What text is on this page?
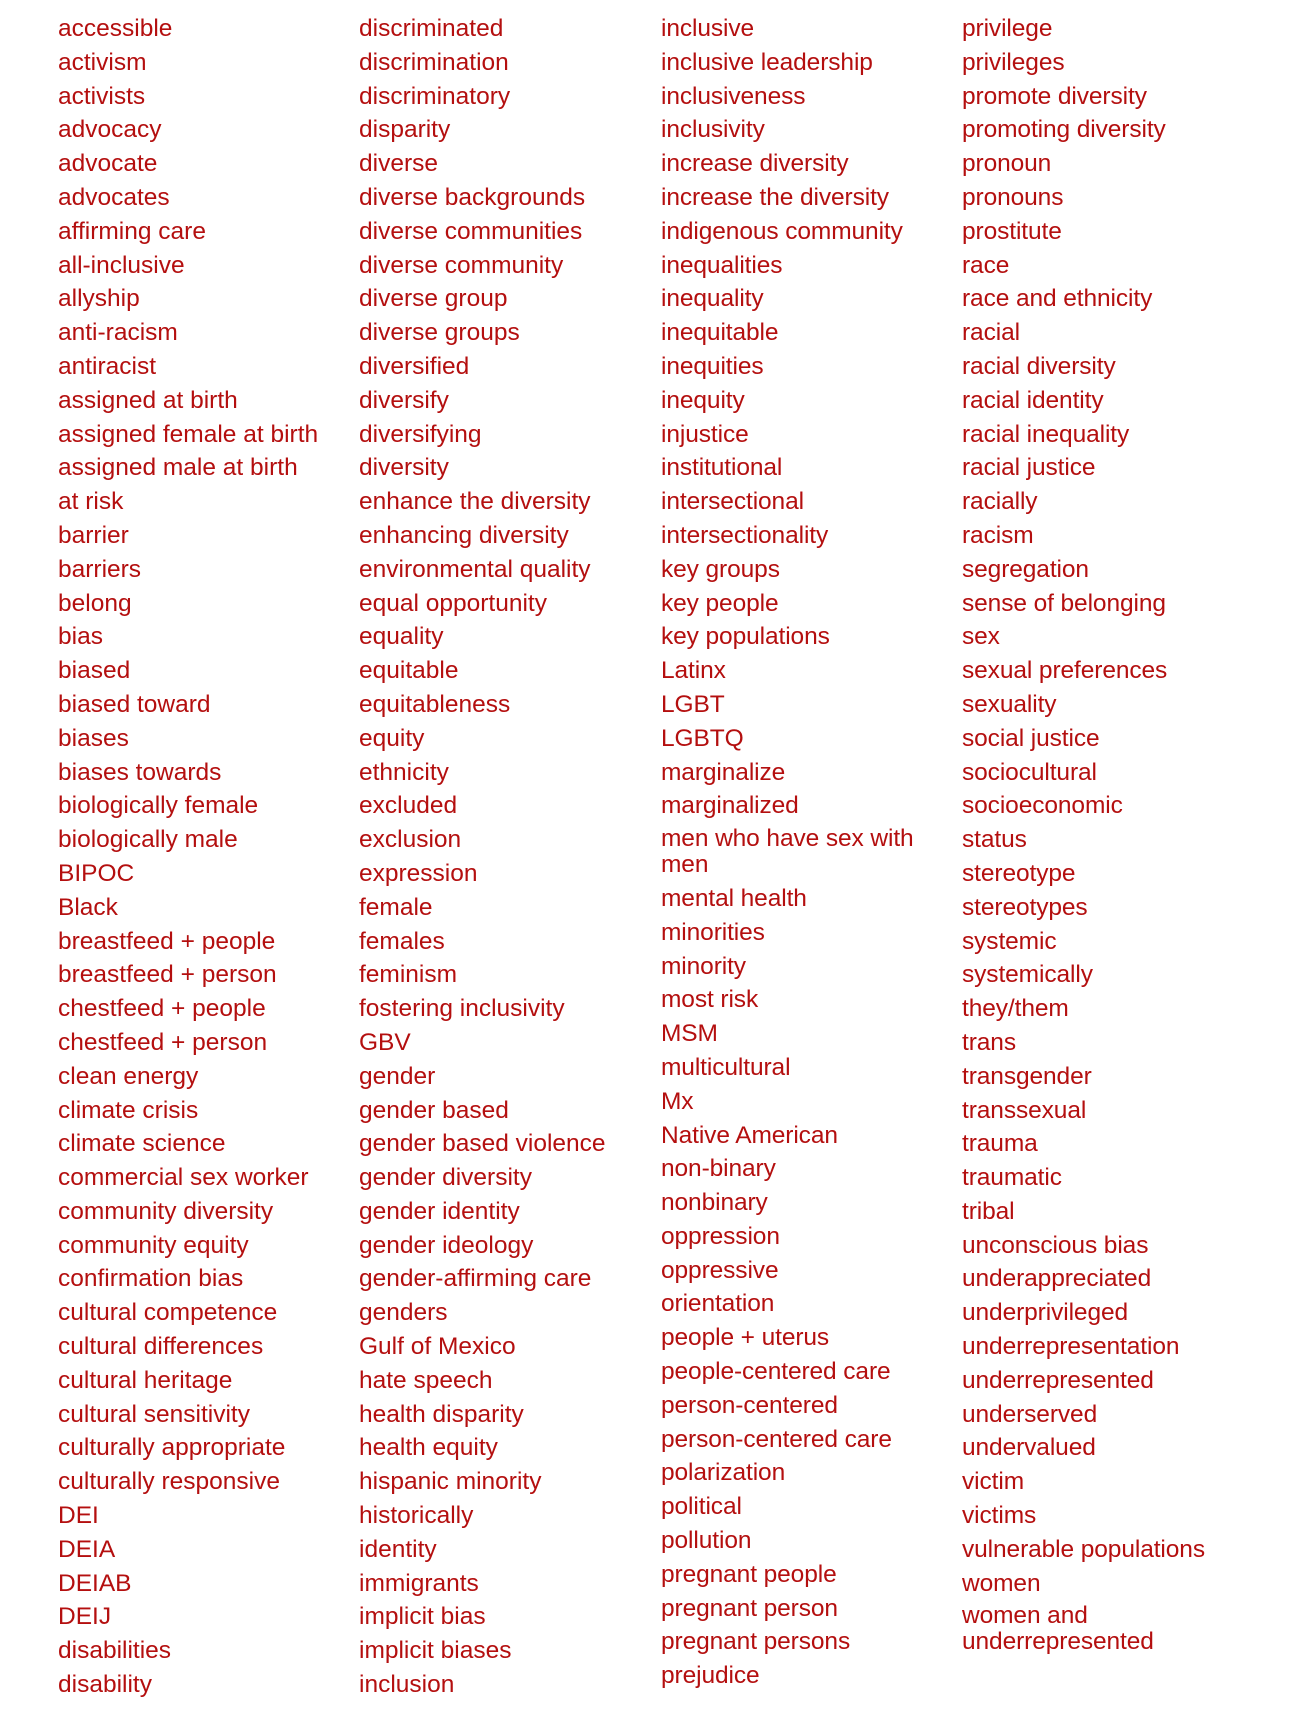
accessible
activism
activists
advocacy
advocate
advocates
affirming care
all-inclusive
allyship
anti-racism
antiracist
assigned at birth
assigned female at birth
assigned male at birth
at risk
barrier
barriers
belong
bias
biased
biased toward
biases
biases towards
biologically female
biologically male
BIPOC
Black
breastfeed + people
breastfeed + person
chestfeed + people
chestfeed + person
clean energy
climate crisis
climate science
commercial sex worker
community diversity
community equity
confirmation bias
cultural competence
cultural differences
cultural heritage
cultural sensitivity
culturally appropriate
culturally responsive
DEI
DEIA
DEIAB
DEIJ
disabilities
disability
discriminated
discrimination
discriminatory
disparity
diverse
diverse backgrounds
diverse communities
diverse community
diverse group
diverse groups
diversified
diversify
diversifying
diversity
enhance the diversity
enhancing diversity
environmental quality
equal opportunity
equality
equitable
equitableness
equity
ethnicity
excluded
exclusion
expression
female
females
feminism
fostering inclusivity
GBV
gender
gender based
gender based violence
gender diversity
gender identity
gender ideology
gender-affirming care
genders
Gulf of Mexico
hate speech
health disparity
health equity
hispanic minority
historically
identity
immigrants
implicit bias
implicit biases
inclusion
inclusive
inclusive leadership
inclusiveness
inclusivity
increase diversity
increase the diversity
indigenous community
inequalities
inequality
inequitable
inequities
inequity
injustice
institutional
intersectional
intersectionality
key groups
key people
key populations
Latinx
LGBT
LGBTQ
marginalize
marginalized
men who have sex with men
mental health
minorities
minority
most risk
MSM
multicultural
Mx
Native American
non-binary
nonbinary
oppression
oppressive
orientation
people + uterus
people-centered care
person-centered
person-centered care
polarization
political
pollution
pregnant people
pregnant person
pregnant persons
prejudice
privilege
privileges
promote diversity
promoting diversity
pronoun
pronouns
prostitute
race
race and ethnicity
racial
racial diversity
racial identity
racial inequality
racial justice
racially
racism
segregation
sense of belonging
sex
sexual preferences
sexuality
social justice
sociocultural
socioeconomic
status
stereotype
stereotypes
systemic
systemically
they/them
trans
transgender
transsexual
trauma
traumatic
tribal
unconscious bias
underappreciated
underprivileged
underrepresentation
underrepresented
underserved
undervalued
victim
victims
vulnerable populations
women
women and underrepresented
